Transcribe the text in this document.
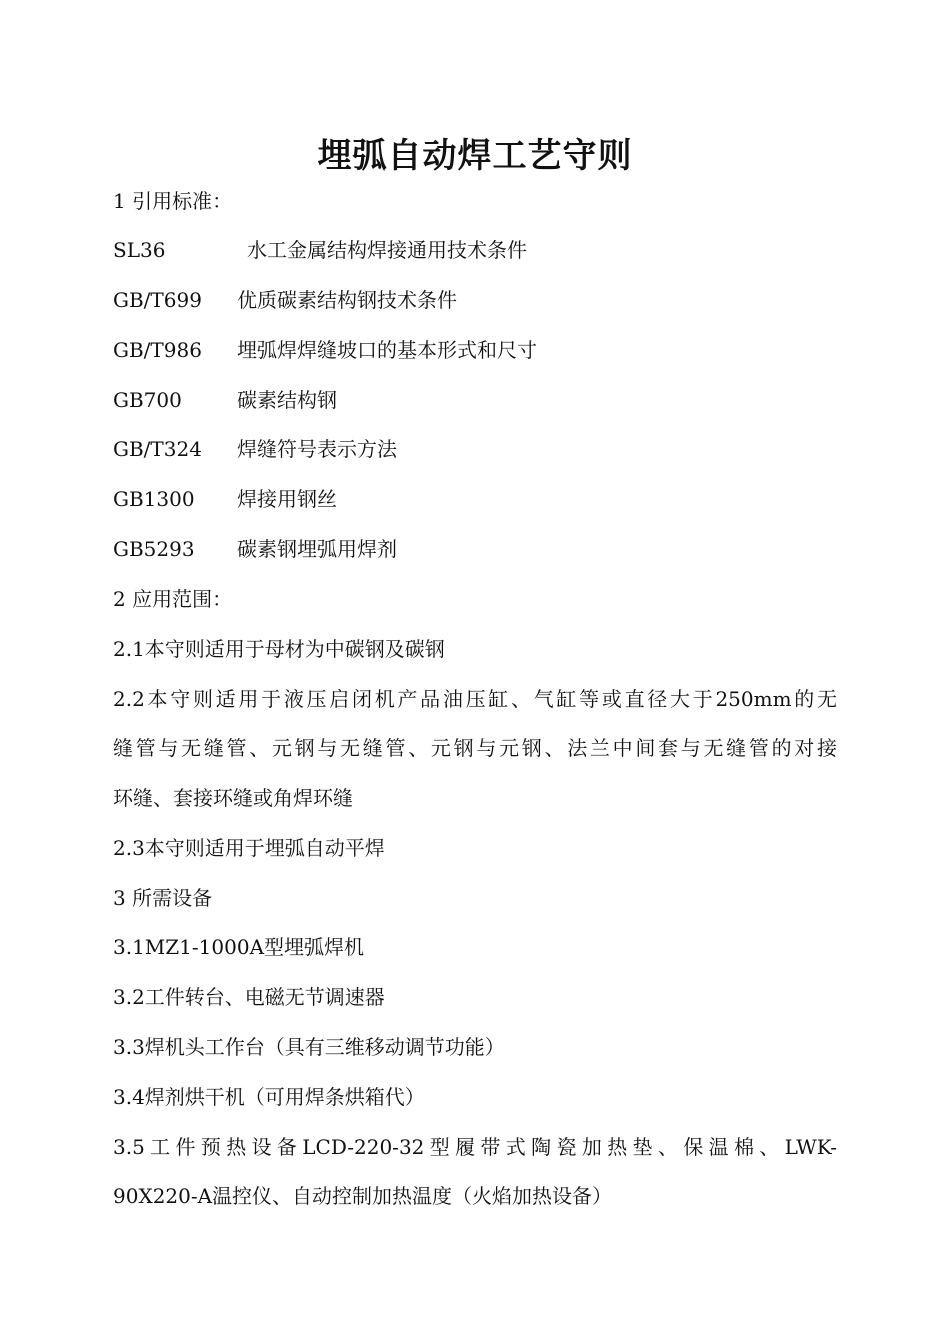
埋弧自动焊工艺守则
1 引用标准：
SL36	水工金属结构焊接通用技术条件
GB/T699 优质碳素结构钢技术条件
GB/T986 埋弧焊焊缝坡口的基本形式和尺寸
GB700	碳素结构钢
GB/T324 焊缝符号表示方法
GB1300 焊接用钢丝
GB5293 碳素钢埋弧用焊剂
2 应用范围：
2.1本守则适用于母材为中碳钢及碳钢
2.2本守则适用于液压启闭机产品油压缸、气缸等或直径大于250mm的无
缝管与无缝管、元钢与无缝管、元钢与元钢、法兰中间套与无缝管的对接
环缝、套接环缝或角焊环缝
2.3本守则适用于埋弧自动平焊
3 所需设备
3.1MZ1-1000A型埋弧焊机
3.2工件转台、电磁无节调速器
3.3焊机头工作台（具有三维移动调节功能）
3.4焊剂烘干机（可用焊条烘箱代）
3.5工件预热设备LCD-220-32型履带式陶瓷加热垫、保温棉、LWK-
90X220-A温控仪、自动控制加热温度（火焰加热设备）
